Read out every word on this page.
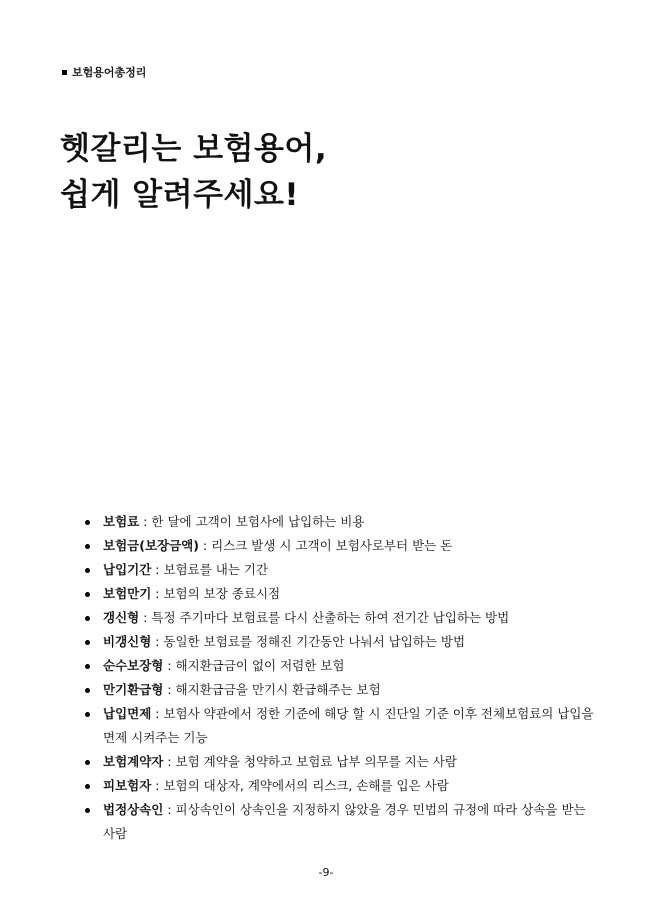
보험용어총정리
헷갈리는 보험용어,
쉽게 알려주세요!
보험료 : 한 달에 고객이 보험사에 납입하는 비용
보험금(보장금액) : 리스크 발생 시 고객이 보험사로부터 받는 돈
납입기간 : 보험료를 내는 기간
보험만기 : 보험의 보장 종료시점
갱신형 : 특정 주기마다 보험료를 다시 산출하는 하여 전기간 납입하는 방법
비갱신형 : 동일한 보험료를 정해진 기간동안 나눠서 납입하는 방법
순수보장형 : 해지환급금이 없이 저렴한 보험
만기환급형 : 해지환급금을 만기시 환급해주는 보험
납입면제 : 보험사 약관에서 정한 기준에 해당 할 시 진단일 기준 이후 전체보험료의 납입을 면제 시켜주는 기능
보험계약자 : 보험 계약을 청약하고 보험료 납부 의무를 지는 사람
피보험자 : 보험의 대상자, 계약에서의 리스크, 손해를 입은 사람
법정상속인 : 피상속인이 상속인을 지정하지 않았을 경우 민법의 규정에 따라 상속을 받는 사람
-9-
